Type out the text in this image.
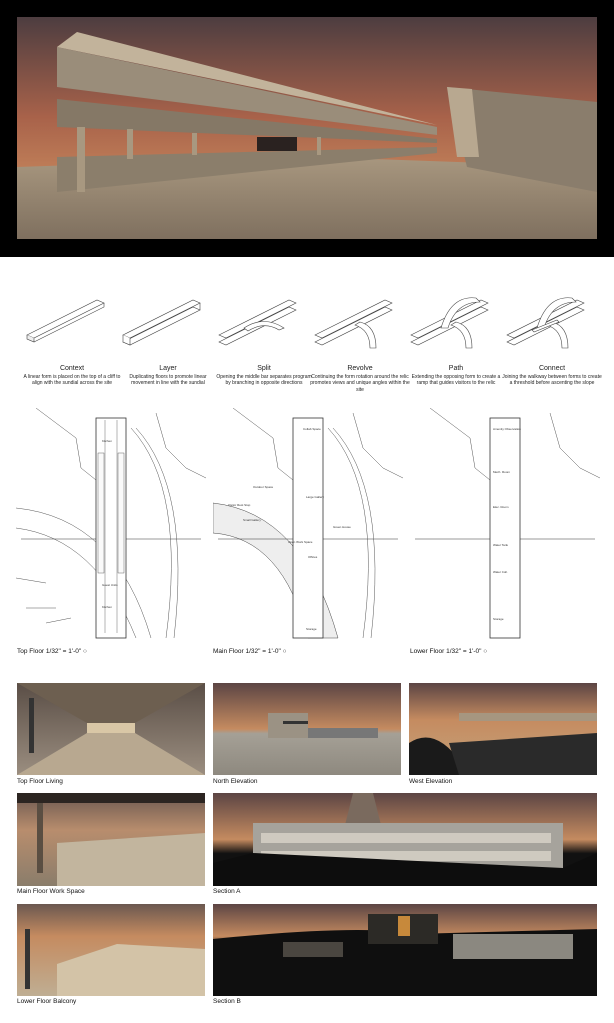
Context
A linear form is placed on the top of a cliff to align with the sundial across the site
Layer
Duplicating floors to promote linear movement in line with the sundial
Split
Opening the middle bar separates program by branching in opposite directions
Revolve
Continuing the form rotation around the relic promotes views and unique angles within the site
Path
Extending the opposing form to create a ramp that guides visitors to the relic
Connect
Joining the walkway between forms to create a threshold before ascenting the slope
Kitchen
Guest Units
Kitchen
Top Floor 1/32" = 1'-0" ○
Outdoor Space
Visitor Rest Stop
Small Gallery
Open Work Space
Offices
Collab Space
Large Gallery
Green House
Storage
Main Floor 1/32" = 1'-0" ○
Amenity Observation
Mech. Room
Elec. Room
Water Tank
Water Coll.
Storage
Lower Floor 1/32" = 1'-0" ○
Top Floor Living	North Elevation	West Elevation
Main Floor Work Space	Section A
Lower Floor Balcony	Section B
